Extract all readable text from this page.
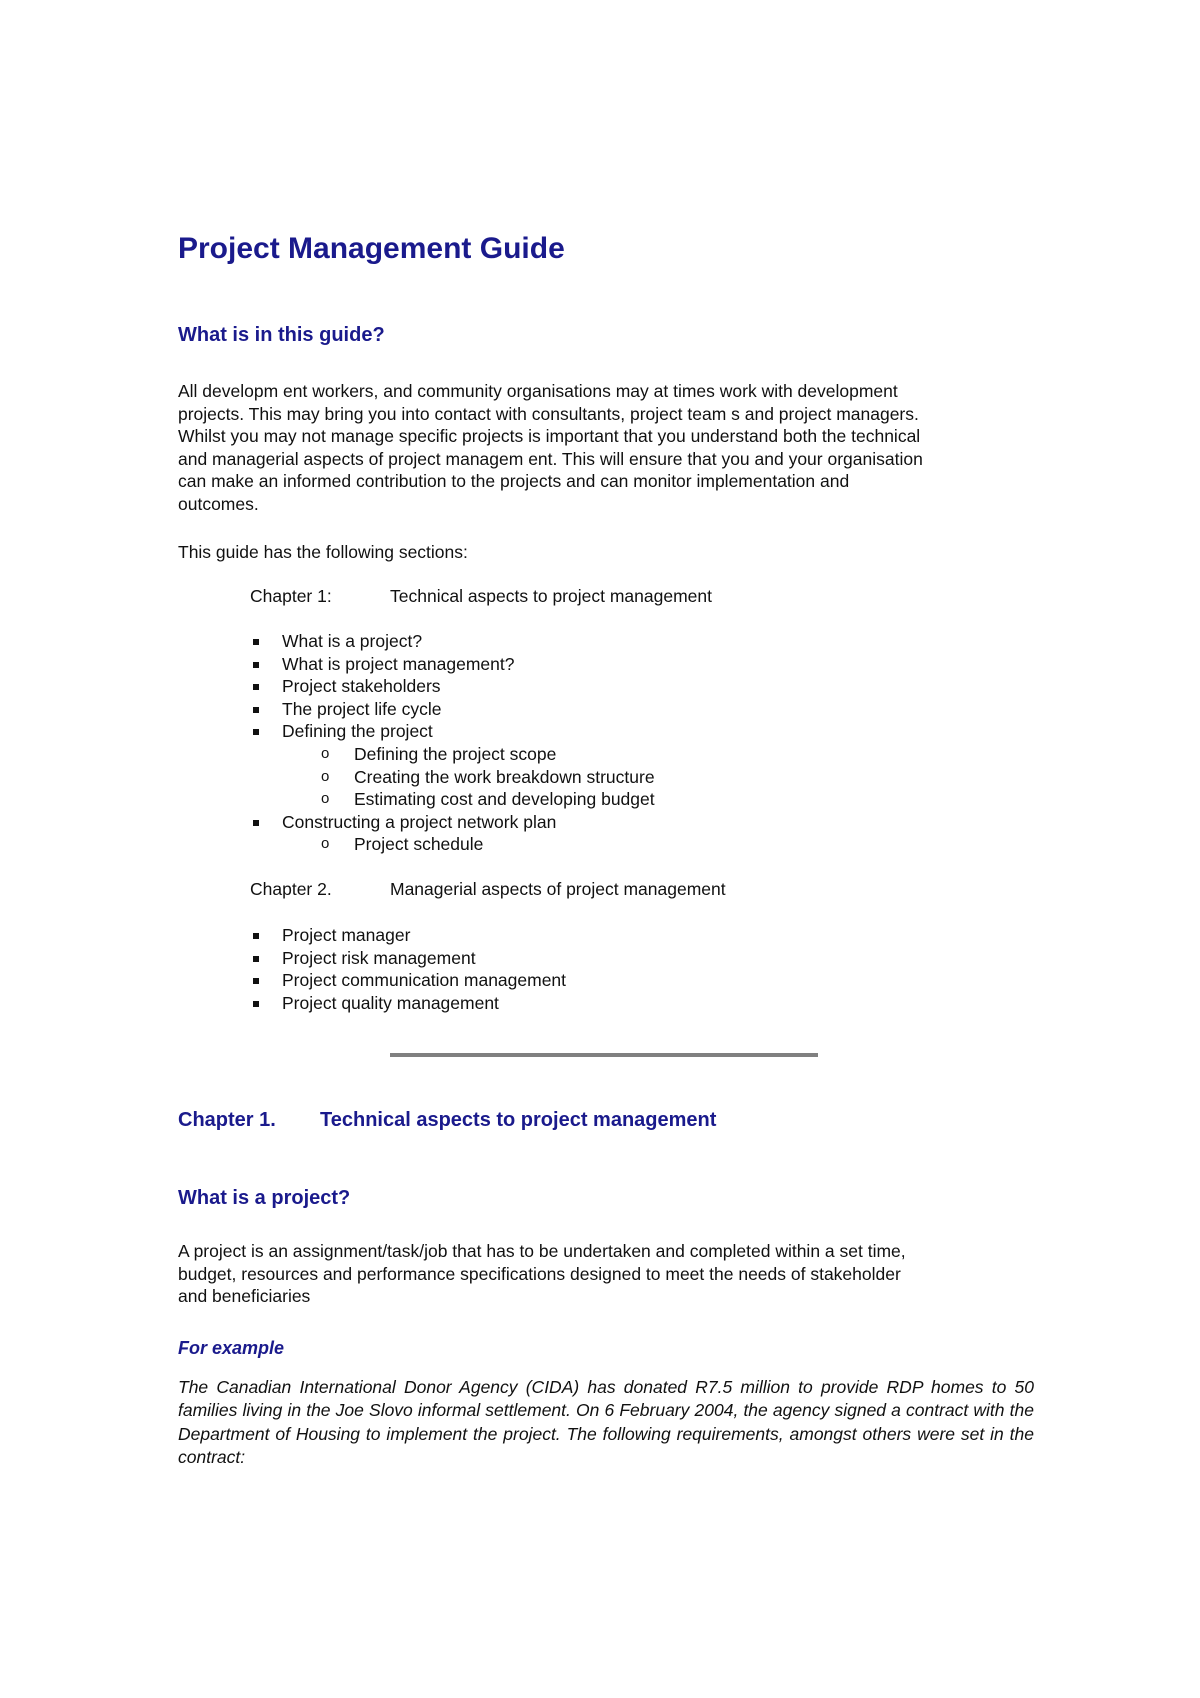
Project Management Guide
What is in this guide?

All developm ent workers, and community organisations may at times work with development
projects. This may bring you into contact with consultants, project team s and project managers.
Whilst you may not manage specific projects is important that you understand both the technical
and managerial aspects of project managem ent. This will ensure that you and your organisation
can make an informed contribution to the projects and can monitor implementation and
outcomes.

This guide has the following sections:

Chapter 1:	Technical aspects to project management
What is a project?
What is project management?
Project stakeholders
The project life cycle
Defining the project
o Defining the project scope
o Creating the work breakdown structure
o Estimating cost and developing budget
Constructing a project network plan
o Project schedule
Chapter 2.	Managerial aspects of project management
Project manager
Project risk management
Project communication management
Project quality management
Chapter 1. Technical aspects to project management
What is a project?

A project is an assignment/task/job that has to be undertaken and completed within a set time,
budget, resources and performance specifications designed to meet the needs of stakeholder
and beneficiaries

For example

The Canadian International Donor Agency (CIDA) has donated R7.5 million to provide RDP homes to 50 families living in the Joe Slovo informal settlement. On 6 February 2004, the agency signed a contract with the Department of Housing to implement the project. The following requirements, amongst others were set in the contract:
